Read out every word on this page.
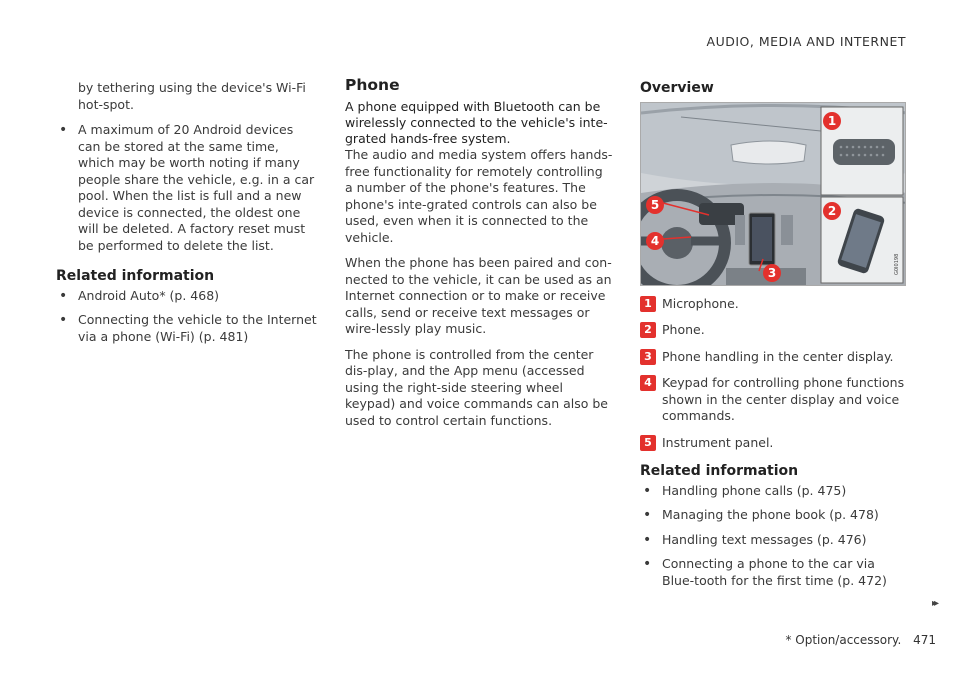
AUDIO, MEDIA AND INTERNET

by tethering using the device's Wi-Fi hot-spot.

• A maximum of 20 Android devices can be stored at the same time, which may be worth noting if many people share the vehicle, e.g. in a car pool. When the list is full and a new device is connected, the oldest one will be deleted. A factory reset must be performed to delete the list.
Related information
• Android Auto* (p. 468)
• Connecting the vehicle to the Internet via a phone (Wi-Fi) (p. 481)
Phone

A phone equipped with Bluetooth can be wirelessly connected to the vehicle's inte-grated hands-free system.

The audio and media system offers hands-free functionality for remotely controlling a number of the phone's features. The phone's inte-grated controls can also be used, even when it is connected to the vehicle.

When the phone has been paired and con-nected to the vehicle, it can be used as an Internet connection or to make or receive calls, send or receive text messages or wire-lessly play music.

The phone is controlled from the center dis-play, and the App menu (accessed using the right-side steering wheel keypad) and voice commands can also be used to control certain functions.

Overview
G0I0198
1
2
3
4
5
1 Microphone.
2 Phone.
3 Phone handling in the center display.
4 Keypad for controlling phone functions shown in the center display and voice commands.
5 Instrument panel.
Related information
• Handling phone calls (p. 475)
• Managing the phone book (p. 478)
• Handling text messages (p. 476)
• Connecting a phone to the car via Blue-tooth for the first time (p. 472)
▸▸
* Option/accessory. 471
